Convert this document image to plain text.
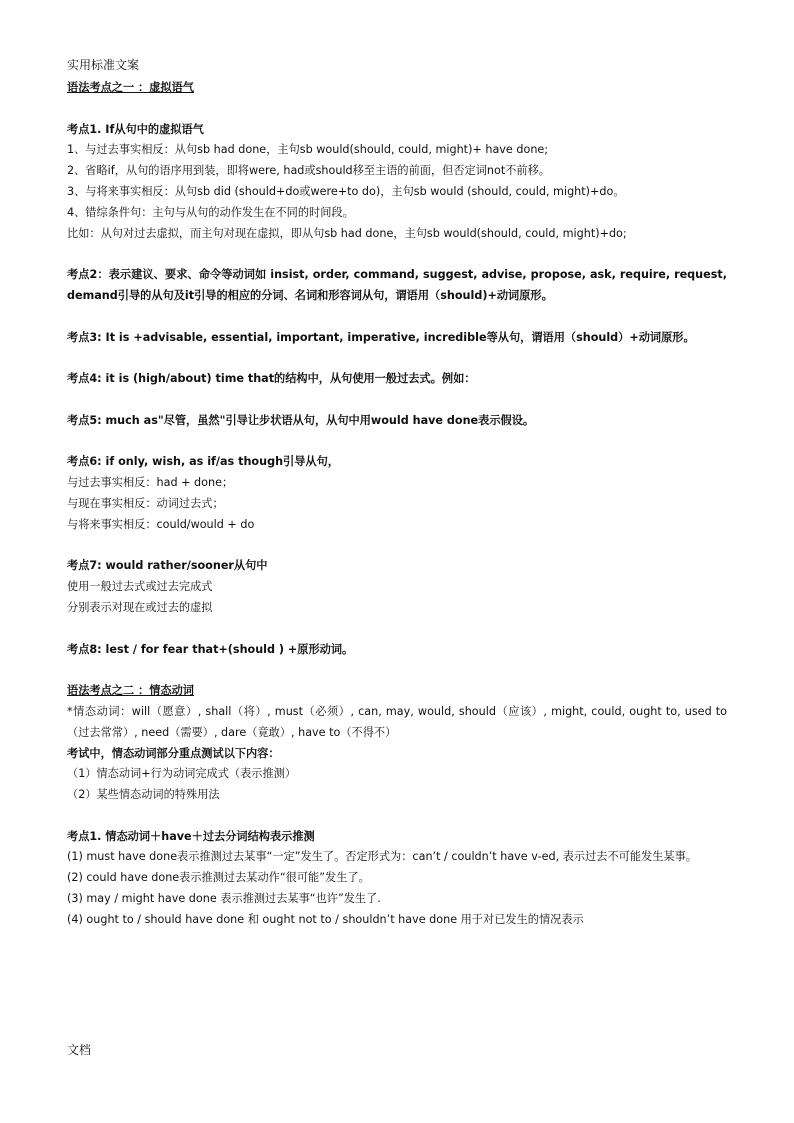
实用标准文案
语法考点之一 ：虚拟语气
考点1. If从句中的虚拟语气
1、与过去事实相反：从句sb had done，主句sb would(should, could, might)+ have done;
2、省略if，从句的语序用到装，即将were, had或should移至主语的前面，但否定词not不前移。
3、与将来事实相反：从句sb did (should+do或were+to do)，主句sb would (should, could, might)+do。
4、错综条件句：主句与从句的动作发生在不同的时间段。
比如：从句对过去虚拟，而主句对现在虚拟，即从句sb had done，主句sb would(should, could, might)+do;
考点2：表示建议、要求、命令等动词如 insist, order, command, suggest, advise, propose, ask, require, request, demand引导的从句及it引导的相应的分词、名词和形容词从句，谓语用（should)+动词原形。
考点3: It is +advisable, essential, important, imperative, incredible等从句，谓语用（should）+动词原形。
考点4: it is (high/about) time that的结构中，从句使用一般过去式。例如：
考点5: much as"尽管，虽然"引导让步状语从句，从句中用would have done表示假设。
考点6: if only, wish, as if/as though引导从句，
与过去事实相反：had + done；
与现在事实相反：动词过去式；
与将来事实相反：could/would + do
考点7: would rather/sooner从句中
使用一般过去式或过去完成式
分别表示对现在或过去的虚拟
考点8: lest / for fear that+(should ) +原形动词。
语法考点之二 ：情态动词
*情态动词：will（愿意）, shall（将）, must（必须）, can, may, would, should（应该）, might, could, ought to, used to（过去常常）, need（需要）, dare（竟敢）, have to（不得不）
考试中，情态动词部分重点测试以下内容：
（1）情态动词+行为动词完成式（表示推测）
（2）某些情态动词的特殊用法
考点1. 情态动词＋have＋过去分词结构表示推测
(1) must have done表示推测过去某事“一定”发生了。否定形式为：can’t / couldn’t have v-ed, 表示过去不可能发生某事。
(2) could have done表示推测过去某动作“很可能”发生了。
(3) may / might have done 表示推测过去某事“也许”发生了.
(4) ought to / should have done 和 ought not to / shouldn’t have done 用于对已发生的情况表示
文档
